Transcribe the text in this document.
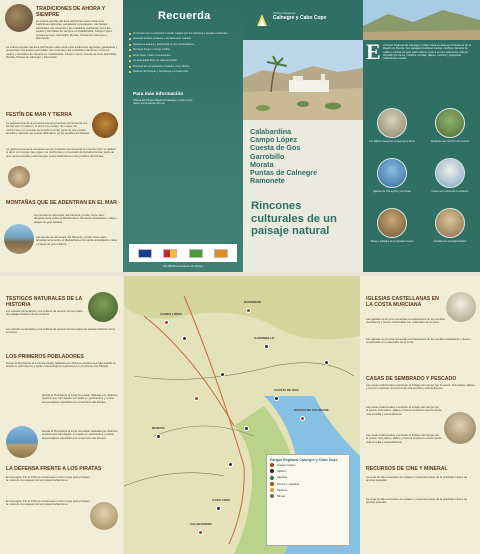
TRADICIONES DE AHORA Y SIEMPRE
La cultura popular del área del Parque está unida a las tradiciones agrícolas, ganaderas y pesqueras. Las fiestas patronales, las romerías y las cuadrillas mantienen vivos los cantos y los bailes de siempre en Calabardina, Campo López, Cuesta de Gos, Garrobillo, Morata, Puntas de Calnegre y Ramonete.
La cultura popular del área del Parque está unida a las tradiciones agrícolas, ganaderas y pesqueras. Las fiestas patronales, las romerías y las cuadrillas mantienen vivos los cantos y los bailes de siempre en Calabardina, Campo López, Cuesta de Gos, Garrobillo, Morata, Puntas de Calnegre y Ramonete.
FESTÍN DE MAR Y TIERRA
La gastronomía de la comarca une los productos de la huerta con los del mar: el caldero, el arroz con conejo, las migas, los michirones y el pescado de la bahía forman parte de una cocina sencilla y sabrosa que puede disfrutarse en los pueblos del Parque.
La gastronomía de la comarca une los productos de la huerta con los del mar: el caldero, el arroz con conejo, las migas, los michirones y el pescado de la bahía forman parte de una cocina sencilla y sabrosa que puede disfrutarse en los pueblos del Parque.
MONTAÑAS QUE SE ADENTRAN EN EL MAR
Las sierras de Almenara, las Moreras y Cabo Cope caen abruptamente sobre el Mediterráneo formando acantilados, calas y playas de gran belleza.
Las sierras de Almenara, las Moreras y Cabo Cope caen abruptamente sobre el Mediterráneo formando acantilados, calas y playas de gran belleza.
Recuerda
Al circular con su vehículo o andar, hágalo por los caminos y sendas existentes.
Respete la flora, la fauna y el patrimonio cultural.
Llévese la basura y deposítela en los contenedores.
No haga fuego ni arroje colillas.
Evite hacer ruidos innecesarios.
La acampada libre no está permitida.
Respete las propiedades privadas y los cultivos.
Disfrute del Parque y contribuya a conservarlo.
Para más información
Oficina del Parque Regional Calnegre y Cabo Cope
www.murcianatural.carm.es
CALNEGRA Asociación del Parque
Parque Regional
Calnegre y Cabo Cope
Calabardina
Campo López
Cuesta de Gos
Garrobillo
Morata
Puntas de Calnegre
Ramonete
Rincones
culturales de un
paisaje natural
E l Parque Regional de Calnegre y Cabo Cope se sitúa en el litoral sur de la Región de Murcia. Sus paisajes combinan sierras, ramblas, llanuras de cultivo y costas de gran valor natural, junto a un rico patrimonio cultural formado por torres, castillos, ermitas, aljibes, molinos y pequeñas poblaciones rurales.
Los aljibes conservan el agua de la lluvia	Senderos que recorren los montes
Iglesias de otra época y otro lugar	Casas que conservan la tradición
Minas y paisajes de un pasado minero	Castillos de una larga historia
TESTIGOS NATURALES DE LA HISTORIA
Los árboles centenarios y los cultivos de secano forman parte del paisaje histórico de la comarca.
Los árboles centenarios y los cultivos de secano forman parte del paisaje histórico de la comarca.
LOS PRIMEROS POBLADORES
Desde la Prehistoria la zona ha estado habitada por distintos pueblos que han dejado su huella en yacimientos y restos arqueológicos repartidos por el territorio del Parque.
Desde la Prehistoria la zona ha estado habitada por distintos pueblos que han dejado su huella en yacimientos y restos arqueológicos repartidos por el territorio del Parque.
Desde la Prehistoria la zona ha estado habitada por distintos pueblos que han dejado su huella en yacimientos y restos arqueológicos repartidos por el territorio del Parque.
LA DEFENSA FRENTE A LOS PIRATAS
En los siglos XVI al XVIII se construyeron torres vigía para proteger la costa de los ataques de los piratas berberiscos.
En los siglos XVI al XVIII se construyeron torres vigía para proteger la costa de los ataques de los piratas berberiscos.
IGLESIAS CASTELLANAS EN LA COSTA MURCIANA
Las iglesias de la zona recuerdan la arquitectura de los pueblos castellanos y fueron construidas con materiales de la zona.
Las iglesias de la zona recuerdan la arquitectura de los pueblos castellanos y fueron construidas con materiales de la zona.
CASAS DE SEMBRADO Y PESCADO
Las casas tradicionales combinan el trabajo del campo con la pesca. Sus patios, aljibes y hornos muestran una forma de vida sencilla y autosuficiente.
Las casas tradicionales combinan el trabajo del campo con la pesca. Sus patios, aljibes y hornos muestran una forma de vida sencilla y autosuficiente.
Las casas tradicionales combinan el trabajo del campo con la pesca. Sus patios, aljibes y hornos muestran una forma de vida sencilla y autosuficiente.
RECURSOS DE CINE Y MINERAL
La zona ha sido escenario de rodajes y conserva restos de la actividad minera de épocas pasadas.
La zona ha sido escenario de rodajes y conserva restos de la actividad minera de épocas pasadas.
CAMPO LÓPEZ
RAMONETE
GARROBILLO
MORATA
CUESTA DE GOS
CALABARDINA
PUNTAS DE CALNEGRE
CABO COPE
Parque Regional Calnegre y Cabo Cope
Casas rurales
Aljibes
Iglesias
Torres y castillos
Molinos
Minas
